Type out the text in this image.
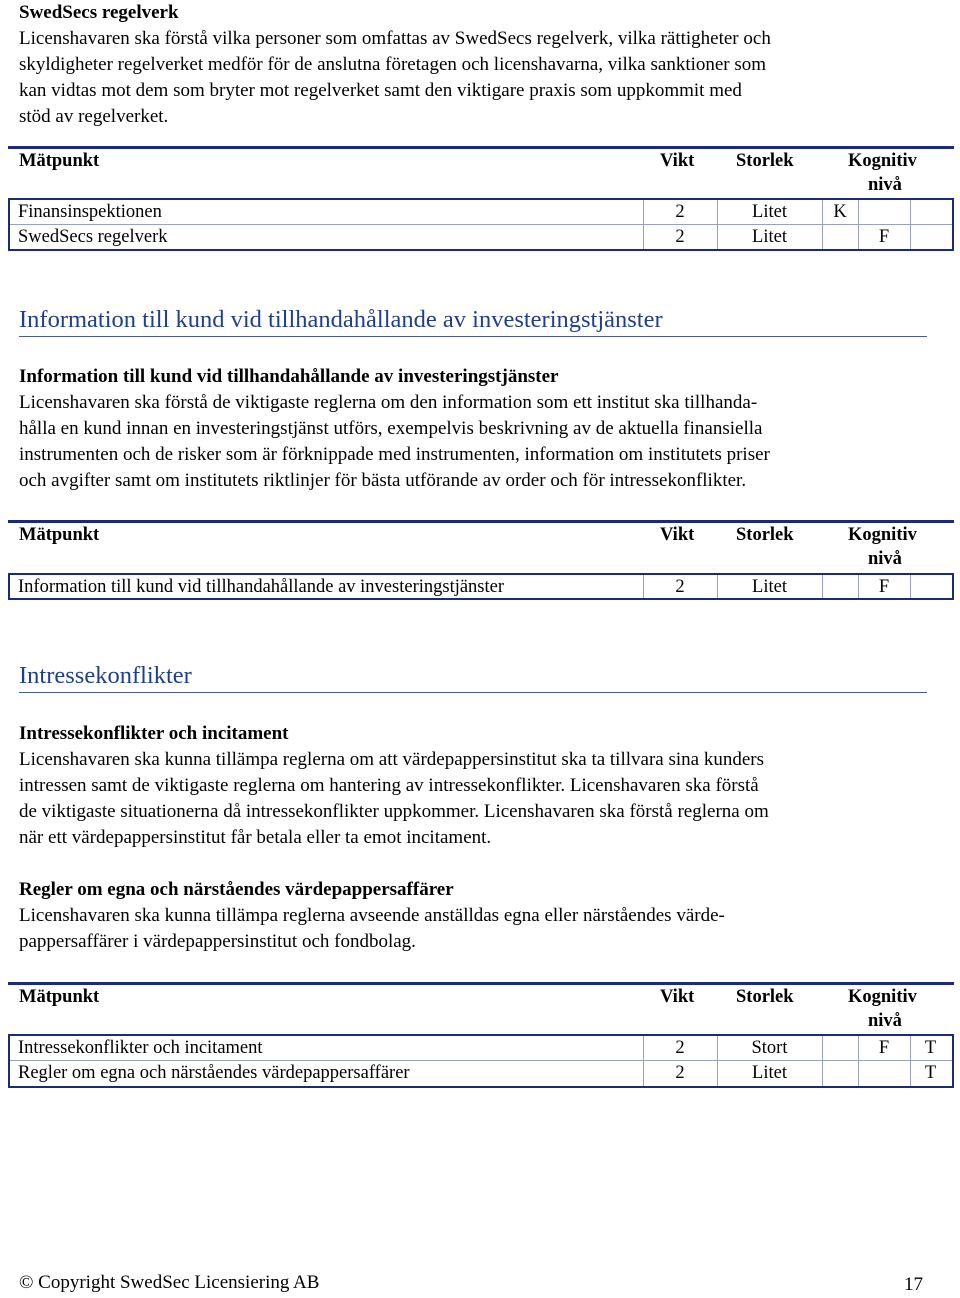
SwedSecs regelverk
Licenshavaren ska förstå vilka personer som omfattas av SwedSecs regelverk, vilka rättigheter och
skyldigheter regelverket medför för de anslutna företagen och licenshavarna, vilka sanktioner som
kan vidtas mot dem som bryter mot regelverket samt den viktigare praxis som uppkommit med
stöd av regelverket.
Mätpunkt	Vikt Storlek	Kognitiv
nivå
Finansinspektionen	2	Litet	K
SwedSecs regelverk	2	Litet	F
Information till kund vid tillhandahållande av investeringstjänster
Information till kund vid tillhandahållande av investeringstjänster
Licenshavaren ska förstå de viktigaste reglerna om den information som ett institut ska tillhanda-
hålla en kund innan en investeringstjänst utförs, exempelvis beskrivning av de aktuella finansiella
instrumenten och de risker som är förknippade med instrumenten, information om institutets priser
och avgifter samt om institutets riktlinjer för bästa utförande av order och för intressekonflikter.
Mätpunkt	Vikt Storlek	Kognitiv
nivå
Information till kund vid tillhandahållande av investeringstjänster	2	Litet	F
Intressekonflikter
Intressekonflikter och incitament
Licenshavaren ska kunna tillämpa reglerna om att värdepappersinstitut ska ta tillvara sina kunders
intressen samt de viktigaste reglerna om hantering av intressekonflikter. Licenshavaren ska förstå
de viktigaste situationerna då intressekonflikter uppkommer. Licenshavaren ska förstå reglerna om
när ett värdepappersinstitut får betala eller ta emot incitament.
Regler om egna och närståendes värdepappersaffärer
Licenshavaren ska kunna tillämpa reglerna avseende anställdas egna eller närståendes värde-
pappersaffärer i värdepappersinstitut och fondbolag.
Mätpunkt	Vikt Storlek	Kognitiv
nivå
Intressekonflikter och incitament	2	Stort	F	T
Regler om egna och närståendes värdepappersaffärer	2	Litet	T
© Copyright SwedSec Licensiering AB	17
